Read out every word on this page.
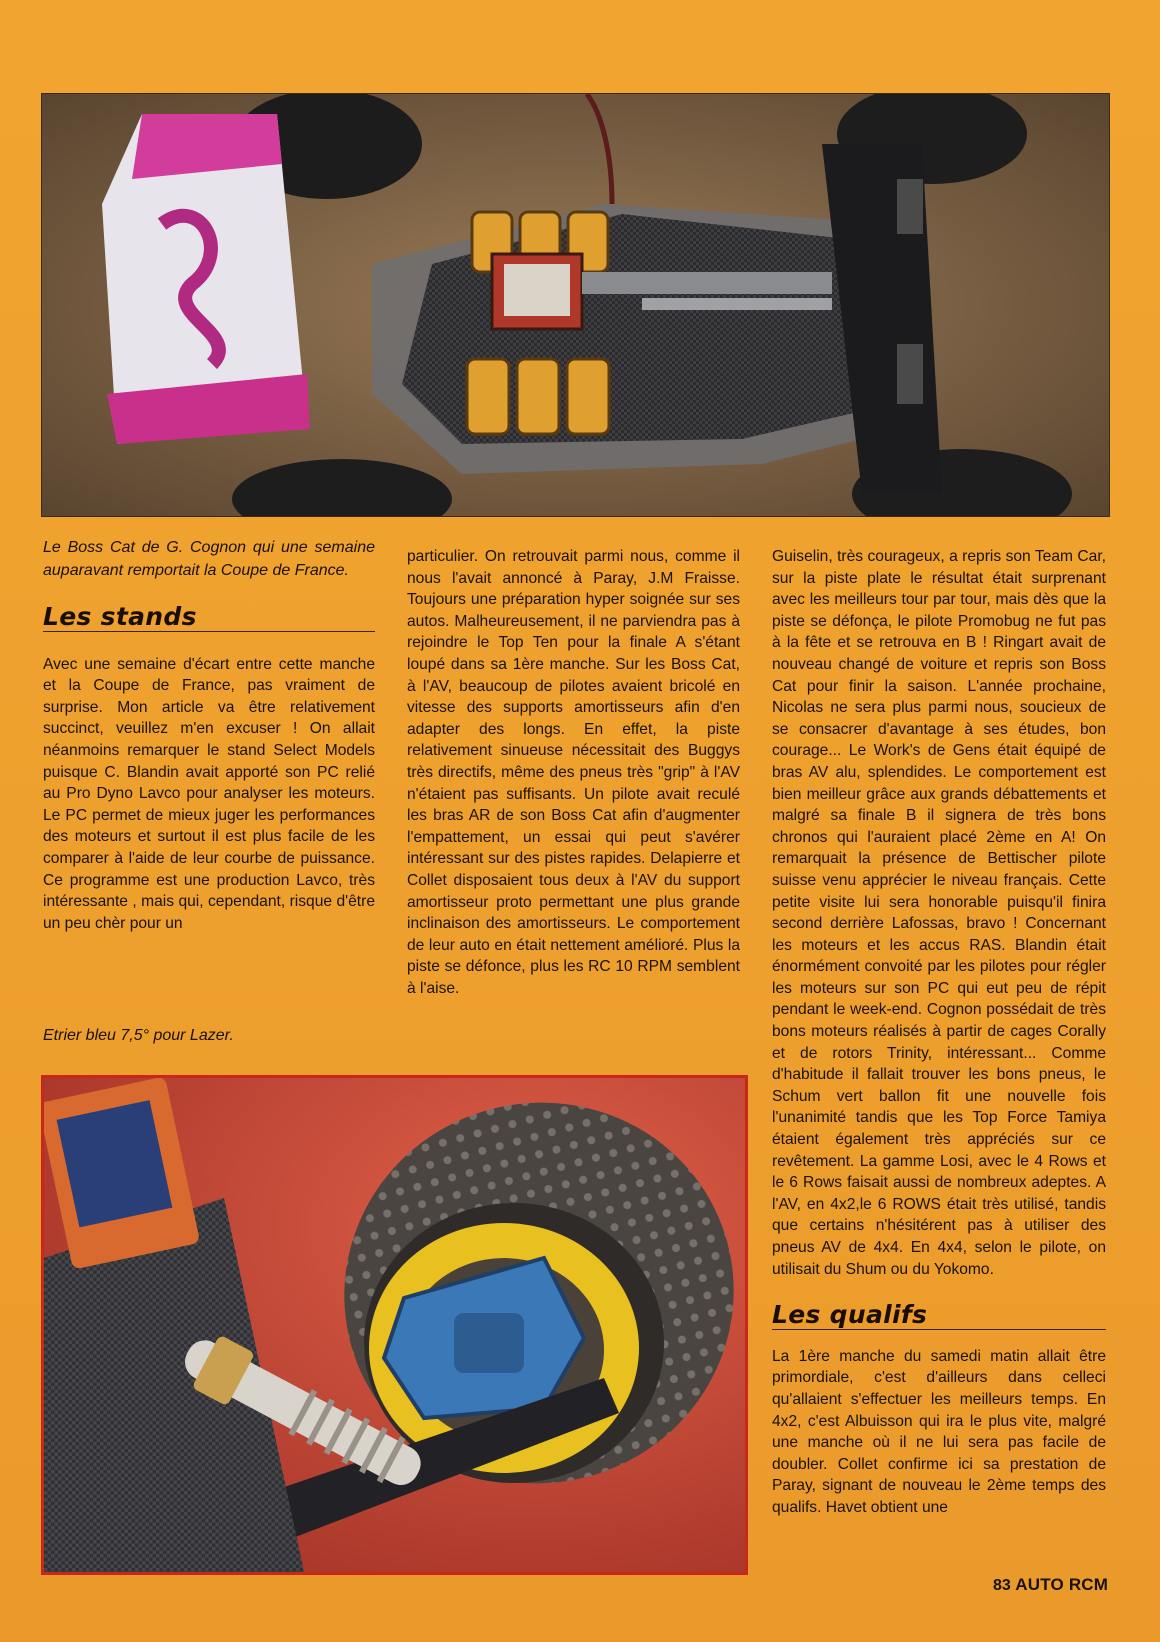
Le Boss Cat de G. Cognon qui une semaine auparavant remportait la Coupe de France.

Les stands

Avec une semaine d'écart entre cette manche et la Coupe de France, pas vraiment de surprise. Mon article va être relativement succinct, veuillez m'en excuser ! On allait néanmoins remarquer le stand Select Models puisque C. Blandin avait apporté son PC relié au Pro Dyno Lavco pour analyser les moteurs. Le PC permet de mieux juger les performances des moteurs et surtout il est plus facile de les comparer à l'aide de leur courbe de puissance. Ce programme est une production Lavco, très intéressante , mais qui, cependant, risque d'être un peu chèr pour un

Etrier bleu 7,5° pour Lazer.

particulier. On retrouvait parmi nous, comme il nous l'avait annoncé à Paray, J.M Fraisse. Toujours une préparation hyper soignée sur ses autos. Malheureusement, il ne parviendra pas à rejoindre le Top Ten pour la finale A s'étant loupé dans sa 1ère manche. Sur les Boss Cat, à l'AV, beaucoup de pilotes avaient bricolé en vitesse des supports amortisseurs afin d'en adapter des longs. En effet, la piste relativement sinueuse nécessitait des Buggys très directifs, même des pneus très "grip" à l'AV n'étaient pas suffisants. Un pilote avait reculé les bras AR de son Boss Cat afin d'augmenter l'empattement, un essai qui peut s'avérer intéressant sur des pistes rapides. Delapierre et Collet disposaient tous deux à l'AV du support amortisseur proto permettant une plus grande inclinaison des amortisseurs. Le comportement de leur auto en était nettement amélioré. Plus la piste se défonce, plus les RC 10 RPM semblent à l'aise.

Guiselin, très courageux, a repris son Team Car, sur la piste plate le résultat était surprenant avec les meilleurs tour par tour, mais dès que la piste se défonça, le pilote Promobug ne fut pas à la fête et se retrouva en B ! Ringart avait de nouveau changé de voiture et repris son Boss Cat pour finir la saison. L'année prochaine, Nicolas ne sera plus parmi nous, soucieux de se consacrer d'avantage à ses études, bon courage... Le Work's de Gens était équipé de bras AV alu, splendides. Le comportement est bien meilleur grâce aux grands débattements et malgré sa finale B il signera de très bons chronos qui l'auraient placé 2ème en A! On remarquait la présence de Bettischer pilote suisse venu apprécier le niveau français. Cette petite visite lui sera honorable puisqu'il finira second derrière Lafossas, bravo ! Concernant les moteurs et les accus RAS. Blandin était énormément convoité par les pilotes pour régler les moteurs sur son PC qui eut peu de répit pendant le week-end. Cognon possédait de très bons moteurs réalisés à partir de cages Corally et de rotors Trinity, intéressant... Comme d'habitude il fallait trouver les bons pneus, le Schum vert ballon fit une nouvelle fois l'unanimité tandis que les Top Force Tamiya étaient également très appréciés sur ce revêtement. La gamme Losi, avec le 4 Rows et le 6 Rows faisait aussi de nombreux adeptes. A l'AV, en 4x2,le 6 ROWS était très utilisé, tandis que certains n'hésitérent pas à utiliser des pneus AV de 4x4. En 4x4, selon le pilote, on utilisait du Shum ou du Yokomo.

Les qualifs

La 1ère manche du samedi matin allait être primordiale, c'est d'ailleurs dans celleci qu'allaient s'effectuer les meilleurs temps. En 4x2, c'est Albuisson qui ira le plus vite, malgré une manche où il ne lui sera pas facile de doubler. Collet confirme ici sa prestation de Paray, signant de nouveau le 2ème temps des qualifs. Havet obtient une

83 AUTO RCM
